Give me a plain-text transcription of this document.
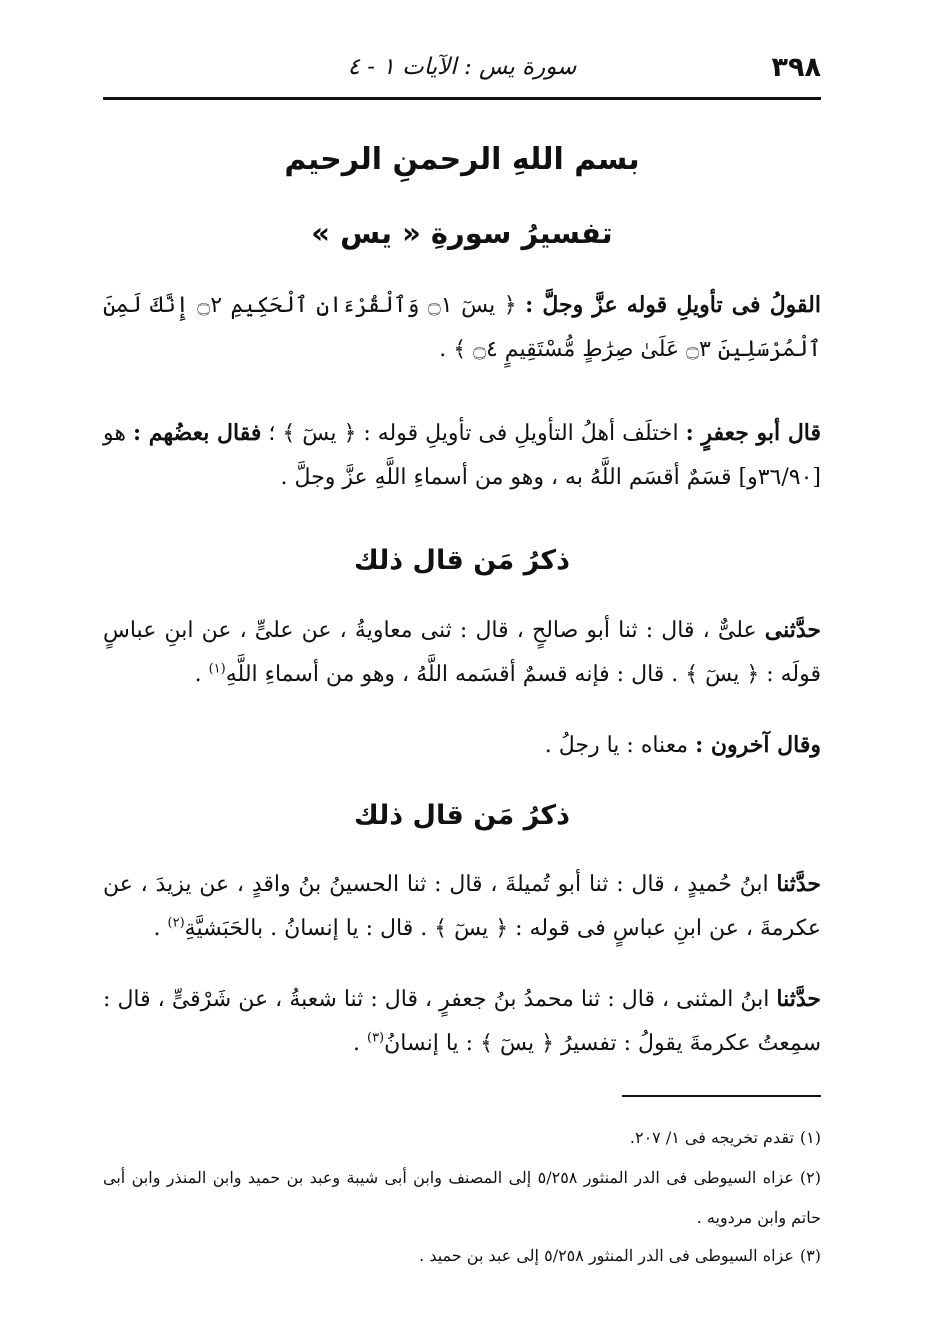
٣٩٨
سورة يس : الآيات ١ - ٤
بسم اللهِ الرحمنِ الرحيم
تفسيرُ سورةِ « يس »

القولُ فى تأويلِ قوله عزَّ وجلَّ : ﴿ يسٓ ۝١ وَٱلْقُرْءَانِ ٱلْحَكِيمِ ۝٢ إِنَّكَ لَمِنَ ٱلْمُرْسَلِينَ ۝٣ عَلَىٰ صِرَٰطٍ مُّسْتَقِيمٍ ۝٤ ﴾ .

قال أبو جعفرٍ : اختلَف أهلُ التأويلِ فى تأويلِ قوله : ﴿ يسٓ ﴾ ؛ فقال بعضُهم : هو [٣٦/٩٠و] قسَمٌ أقسَم اللَّهُ به ، وهو من أسماءِ اللَّهِ عزَّ وجلَّ .

ذكرُ مَن قال ذلك

حدَّثنى علىٌّ ، قال : ثنا أبو صالحٍ ، قال : ثنى معاويةُ ، عن علىٍّ ، عن ابنِ عباسٍ قولَه : ﴿ يسٓ ﴾ . قال : فإنه قسمٌ أقسَمه اللَّهُ ، وهو من أسماءِ اللَّهِ$^{(١)}$ .

وقال آخرون : معناه : يا رجلُ .

ذكرُ مَن قال ذلك

حدَّثنا ابنُ حُميدٍ ، قال : ثنا أبو تُميلةَ ، قال : ثنا الحسينُ بنُ واقدٍ ، عن يزيدَ ، عن عكرمةَ ، عن ابنِ عباسٍ فى قوله : ﴿ يسٓ ﴾ . قال : يا إنسانُ . بالحَبَشيَّةِ$^{(٢)}$ .

حدَّثنا ابنُ المثنى ، قال : ثنا محمدُ بنُ جعفرٍ ، قال : ثنا شعبةُ ، عن شَرْقىٍّ ، قال : سمِعتُ عكرمةَ يقولُ : تفسيرُ ﴿ يسٓ ﴾ : يا إنسانُ$^{(٣)}$ .

(١)تقدم تخريجه فى ١/ ٢٠٧.

(٢)عزاه السيوطى فى الدر المنثور ٥/٢٥٨ إلى المصنف وابن أبى شيبة وعبد بن حميد وابن المنذر وابن أبى حاتم وابن مردويه .

(٣)عزاه السيوطى فى الدر المنثور ٥/٢٥٨ إلى عبد بن حميد .
